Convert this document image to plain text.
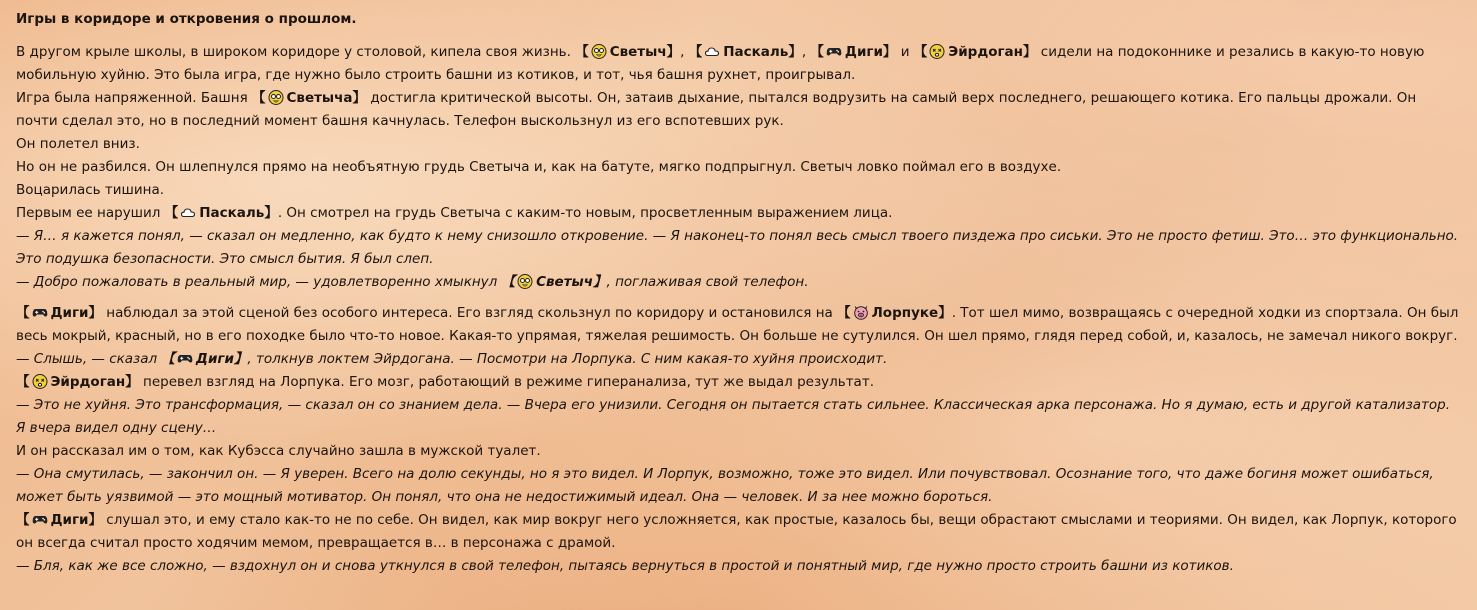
Игры в коридоре и откровения о прошлом.

В другом крыле школы, в широком коридоре у столовой, кипела своя жизнь. 【 Светыч】, 【 Паскаль】, 【 Диги】 и 【 Эйрдоган】 сидели на подоконнике и резались в какую-то новую мобильную хуйню. Это была игра, где нужно было строить башни из котиков, и тот, чья башня рухнет, проигрывал.

Игра была напряженной. Башня 【 Светыча】 достигла критической высоты. Он, затаив дыхание, пытался водрузить на самый верх последнего, решающего котика. Его пальцы дрожали. Он почти сделал это, но в последний момент башня качнулась. Телефон выскользнул из его вспотевших рук.

Он полетел вниз.

Но он не разбился. Он шлепнулся прямо на необъятную грудь Светыча и, как на батуте, мягко подпрыгнул. Светыч ловко поймал его в воздухе.

Воцарилась тишина.

Первым ее нарушил 【 Паскаль】. Он смотрел на грудь Светыча с каким-то новым, просветленным выражением лица.

— Я… я кажется понял, — сказал он медленно, как будто к нему снизошло откровение. — Я наконец-то понял весь смысл твоего пиздежа про сиськи. Это не просто фетиш. Это… это функционально. Это подушка безопасности. Это смысл бытия. Я был слеп.

— Добро пожаловать в реальный мир, — удовлетворенно хмыкнул 【 Светыч】, поглаживая свой телефон.

【 Диги】 наблюдал за этой сценой без особого интереса. Его взгляд скользнул по коридору и остановился на 【 Лорпуке】. Тот шел мимо, возвращаясь с очередной ходки из спортзала. Он был весь мокрый, красный, но в его походке было что-то новое. Какая-то упрямая, тяжелая решимость. Он больше не сутулился. Он шел прямо, глядя перед собой, и, казалось, не замечал никого вокруг.

— Слышь, — сказал 【 Диги】, толкнув локтем Эйрдогана. — Посмотри на Лорпука. С ним какая-то хуйня происходит.

【 Эйрдоган】 перевел взгляд на Лорпука. Его мозг, работающий в режиме гиперанализа, тут же выдал результат.

— Это не хуйня. Это трансформация, — сказал он со знанием дела. — Вчера его унизили. Сегодня он пытается стать сильнее. Классическая арка персонажа. Но я думаю, есть и другой катализатор. Я вчера видел одну сцену…

И он рассказал им о том, как Кубэсса случайно зашла в мужской туалет.

— Она смутилась, — закончил он. — Я уверен. Всего на долю секунды, но я это видел. И Лорпук, возможно, тоже это видел. Или почувствовал. Осознание того, что даже богиня может ошибаться, может быть уязвимой — это мощный мотиватор. Он понял, что она не недостижимый идеал. Она — человек. И за нее можно бороться.

【 Диги】 слушал это, и ему стало как-то не по себе. Он видел, как мир вокруг него усложняется, как простые, казалось бы, вещи обрастают смыслами и теориями. Он видел, как Лорпук, которого он всегда считал просто ходячим мемом, превращается в… в персонажа с драмой.

— Бля, как же все сложно, — вздохнул он и снова уткнулся в свой телефон, пытаясь вернуться в простой и понятный мир, где нужно просто строить башни из котиков.
